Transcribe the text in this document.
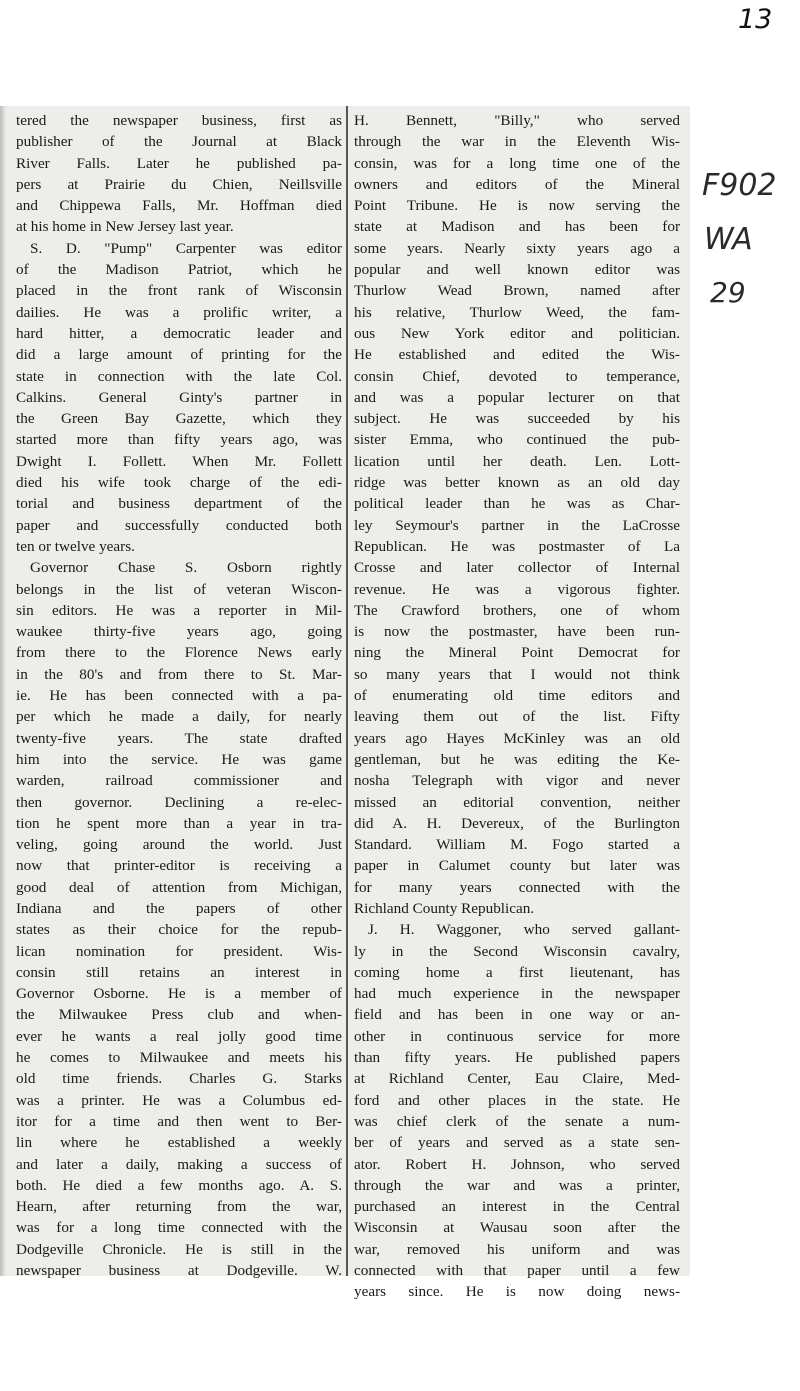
13
F902
WA
29
tered the newspaper business, first as
publisher of the Journal at Black
River Falls. Later he published pa-
pers at Prairie du Chien, Neillsville
and Chippewa Falls, Mr. Hoffman died
at his home in New Jersey last year.
S. D. "Pump" Carpenter was editor
of the Madison Patriot, which he
placed in the front rank of Wisconsin
dailies. He was a prolific writer, a
hard hitter, a democratic leader and
did a large amount of printing for the
state in connection with the late Col.
Calkins. General Ginty's partner in
the Green Bay Gazette, which they
started more than fifty years ago, was
Dwight I. Follett. When Mr. Follett
died his wife took charge of the edi-
torial and business department of the
paper and successfully conducted both
ten or twelve years.
Governor Chase S. Osborn rightly
belongs in the list of veteran Wiscon-
sin editors. He was a reporter in Mil-
waukee thirty-five years ago, going
from there to the Florence News early
in the 80's and from there to St. Mar-
ie. He has been connected with a pa-
per which he made a daily, for nearly
twenty-five years. The state drafted
him into the service. He was game
warden, railroad commissioner and
then governor. Declining a re-elec-
tion he spent more than a year in tra-
veling, going around the world. Just
now that printer-editor is receiving a
good deal of attention from Michigan,
Indiana and the papers of other
states as their choice for the repub-
lican nomination for president. Wis-
consin still retains an interest in
Governor Osborne. He is a member of
the Milwaukee Press club and when-
ever he wants a real jolly good time
he comes to Milwaukee and meets his
old time friends. Charles G. Starks
was a printer. He was a Columbus ed-
itor for a time and then went to Ber-
lin where he established a weekly
and later a daily, making a success of
both. He died a few months ago. A. S.
Hearn, after returning from the war,
was for a long time connected with the
Dodgeville Chronicle. He is still in the
newspaper business at Dodgeville. W.
H. Bennett, "Billy," who served
through the war in the Eleventh Wis-
consin, was for a long time one of the
owners and editors of the Mineral
Point Tribune. He is now serving the
state at Madison and has been for
some years. Nearly sixty years ago a
popular and well known editor was
Thurlow Wead Brown, named after
his relative, Thurlow Weed, the fam-
ous New York editor and politician.
He established and edited the Wis-
consin Chief, devoted to temperance,
and was a popular lecturer on that
subject. He was succeeded by his
sister Emma, who continued the pub-
lication until her death. Len. Lott-
ridge was better known as an old day
political leader than he was as Char-
ley Seymour's partner in the LaCrosse
Republican. He was postmaster of La
Crosse and later collector of Internal
revenue. He was a vigorous fighter.
The Crawford brothers, one of whom
is now the postmaster, have been run-
ning the Mineral Point Democrat for
so many years that I would not think
of enumerating old time editors and
leaving them out of the list. Fifty
years ago Hayes McKinley was an old
gentleman, but he was editing the Ke-
nosha Telegraph with vigor and never
missed an editorial convention, neither
did A. H. Devereux, of the Burlington
Standard. William M. Fogo started a
paper in Calumet county but later was
for many years connected with the
Richland County Republican.
J. H. Waggoner, who served gallant-
ly in the Second Wisconsin cavalry,
coming home a first lieutenant, has
had much experience in the newspaper
field and has been in one way or an-
other in continuous service for more
than fifty years. He published papers
at Richland Center, Eau Claire, Med-
ford and other places in the state. He
was chief clerk of the senate a num-
ber of years and served as a state sen-
ator. Robert H. Johnson, who served
through the war and was a printer,
purchased an interest in the Central
Wisconsin at Wausau soon after the
war, removed his uniform and was
connected with that paper until a few
years since. He is now doing news-
